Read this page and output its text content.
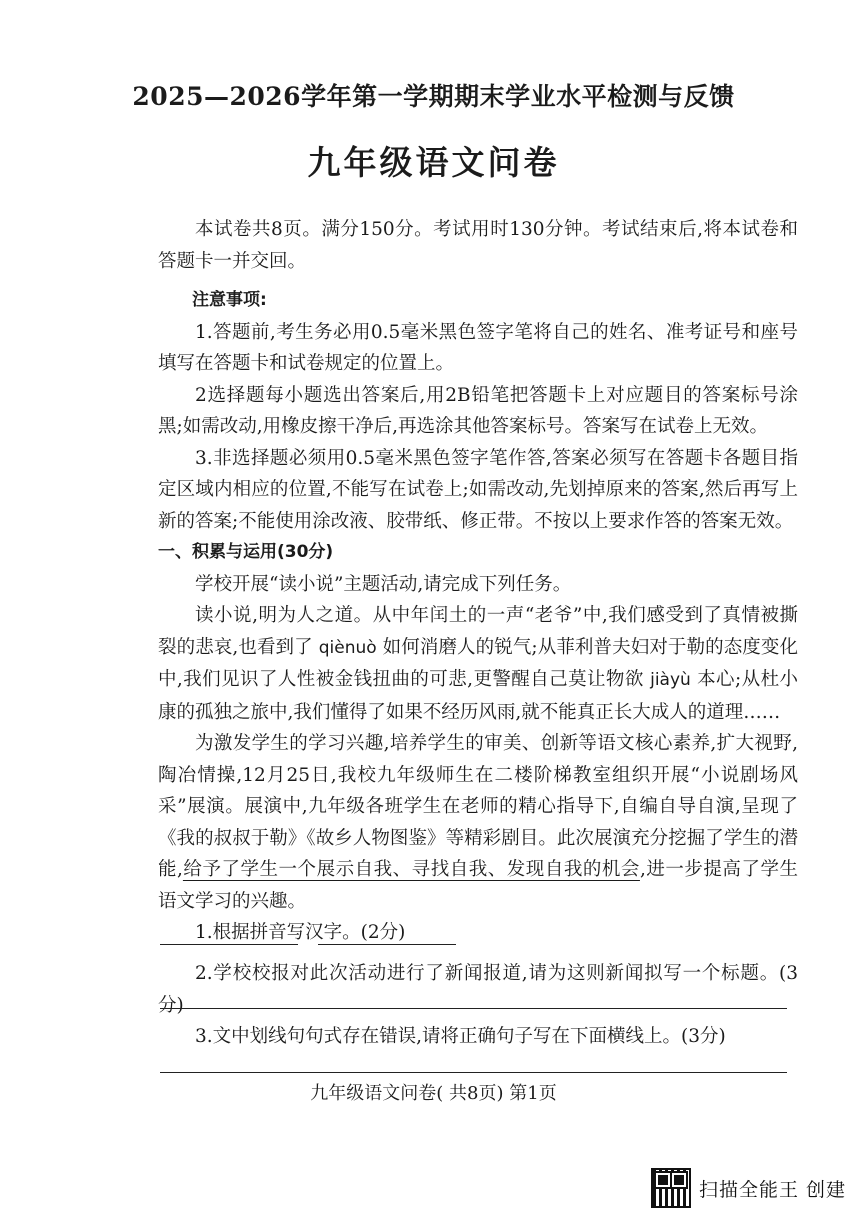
2025—2026学年第一学期期末学业水平检测与反馈
九年级语文问卷

本试卷共8页。满分150分。考试用时130分钟。考试结束后,将本试卷和答题卡一并交回。

注意事项:

1.答题前,考生务必用0.5毫米黑色签字笔将自己的姓名、准考证号和座号填写在答题卡和试卷规定的位置上。

2选择题每小题选出答案后,用2B铅笔把答题卡上对应题目的答案标号涂黑;如需改动,用橡皮擦干净后,再选涂其他答案标号。答案写在试卷上无效。

3.非选择题必须用0.5毫米黑色签字笔作答,答案必须写在答题卡各题目指定区域内相应的位置,不能写在试卷上;如需改动,先划掉原来的答案,然后再写上新的答案;不能使用涂改液、胶带纸、修正带。不按以上要求作答的答案无效。

一、积累与运用(30分)

学校开展“读小说”主题活动,请完成下列任务。

读小说,明为人之道。从中年闰土的一声“老爷”中,我们感受到了真情被撕裂的悲哀,也看到了 qiènuò 如何消磨人的锐气;从菲利普夫妇对于勒的态度变化中,我们见识了人性被金钱扭曲的可悲,更警醒自己莫让物欲 jiàyù 本心;从杜小康的孤独之旅中,我们懂得了如果不经历风雨,就不能真正长大成人的道理……

为激发学生的学习兴趣,培养学生的审美、创新等语文核心素养,扩大视野,陶冶情操,12月25日,我校九年级师生在二楼阶梯教室组织开展“小说剧场风采”展演。展演中,九年级各班学生在老师的精心指导下,自编自导自演,呈现了《我的叔叔于勒》《故乡人物图鉴》等精彩剧目。此次展演充分挖掘了学生的潜能,给予了学生一个展示自我、寻找自我、发现自我的机会,进一步提高了学生语文学习的兴趣。

1.根据拼音写汉字。(2分)

2.学校校报对此次活动进行了新闻报道,请为这则新闻拟写一个标题。(3分)
3.文中划线句句式存在错误,请将正确句子写在下面横线上。(3分)
九年级语文问卷( 共8页) 第1页
扫描全能王 创建
